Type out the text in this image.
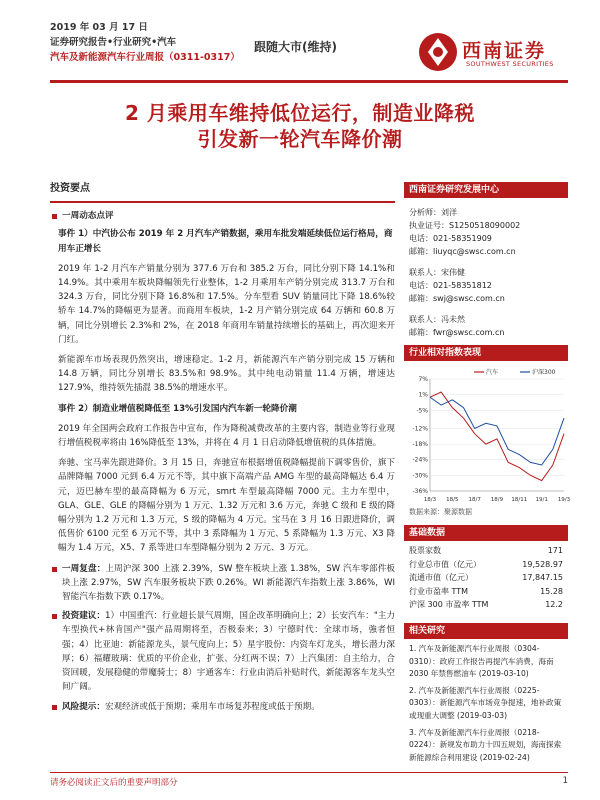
2019 年 03 月 17 日
证券研究报告•行业研究•汽车
汽车及新能源汽车行业周报（0311-0317）
跟随大市(维持)	西南证券
SOUTHWEST SECURITIES
2 月乘用车维持低位运行，制造业降税
引发新一轮汽车降价潮
投资要点
一周动态点评
事件 1）中汽协公布 2019 年 2 月汽车产销数据，乘用车批发端延续低位运行格局，商用车正增长
2019 年 1-2 月汽车产销量分别为 377.6 万台和 385.2 万台，同比分别下降 14.1%和 14.9%。其中乘用车板块降幅领先行业整体，1-2 月乘用车产销分别完成 313.7 万台和 324.3 万台，同比分别下降 16.8%和 17.5%。分车型看 SUV 销量同比下降 18.6%较轿车 14.7%的降幅更为显著。而商用车板块，1-2 月产销分别完成 64 万辆和 60.8 万辆，同比分别增长 2.3%和 2%，在 2018 年商用车销量持续增长的基础上，再次迎来开门红。
新能源车市场表现仍然突出，增速稳定。1-2 月，新能源汽车产销分别完成 15 万辆和 14.8 万辆，同比分别增长 83.5%和 98.9%。其中纯电动销量 11.4 万辆，增速达 127.9%，维持领先插混 38.5%的增速水平。
事件 2）制造业增值税降低至 13%引发国内汽车新一轮降价潮
2019 年全国两会政府工作报告中宣布，作为降税减费改革的主要内容，制造业等行业现行增值税税率将由 16%降低至 13%，并将在 4 月 1 日启动降低增值税的具体措施。
奔驰、宝马率先跟进降价。3 月 15 日，奔驰宣布根据增值税降幅提前下调零售价，旗下品牌降幅 7000 元到 6.4 万元不等，其中旗下高端产品 AMG 车型的最高降幅达 6.4 万元，迈巴赫车型的最高降幅为 6 万元，smrt 车型最高降幅 7000 元。主力车型中，GLA、GLE、GLE 的降幅分别为 1 万元、1.32 万元和 3.6 万元，奔驰 C 级和 E 级的降幅分别为 1.2 万元和 1.3 万元，S 级的降幅为 4 万元。宝马在 3 月 16 日跟进降价，调低售价 6100 元至 6 万元不等，其中 3 系降幅为 1 万元、5 系降幅为 1.3 万元、X3 降幅为 1.4 万元，X5、7 系等进口车型降幅分别为 2 万元、3 万元。
一周复盘：上周沪深 300 上涨 2.39%，SW 整车板块上涨 1.38%，SW 汽车零部件板块上涨 2.97%，SW 汽车服务板块下跌 0.26%。WI 新能源汽车指数上涨 3.86%，WI 智能汽车指数下跌 0.17%。
投资建议：1）中国重汽：行业超长景气周期，国企改革明确向上；2）长安汽车："主力车型换代+林肯国产"强产品周期将至，否极泰来；3）宁德时代：全球市场，強者恒强；4）比亚迪：新能源龙头，景气度向上；5）星宇股份：内资车灯龙头，增长潜力深厚；6）福耀玻璃：优质的平价企业，扩张、分红两不误；7）上汽集团：自主给力，合资回暖，发展稳健的带魔骑士；8）宇通客车：行业由消后补贴时代，新能源客车龙头空间广阔。
风险提示：宏观经济或低于预期；乘用车市场复苏程度或低于预期。
西南证券研究发展中心
分析师：刘洋
执业证号：S1250518090002
电话：021-58351909
邮箱：liuyqc@swsc.com.cn
联系人：宋伟健
电话：021-58351812
邮箱：swj@swsc.com.cn
联系人：冯未然
邮箱：fwr@swsc.com.cn
行业相对指数表现
7%
1%
-5%
-12%
-18%
-24%
-30%
-36%
18/3 18/5 18/7 18/9 18/11 19/1 19/3
汽车	沪深300
数据来源：聚源数据
基础数据
股票家数	171
行业总市值（亿元）	19,528.97
流通市值（亿元）	17,847.15
行业市盈率 TTM	15.28
沪深 300 市盈率 TTM	12.2
相关研究
1. 汽车及新能源汽车行业周报（0304-0310）：政府工作报告再提汽车消费，海南 2030 年禁售燃油车 (2019-03-10)
2. 汽车及新能源汽车行业周报（0225-0303）：新能源汽车市场竞争提速，地补政策或现重大调整 (2019-03-03)
3. 汽车及新能源汽车行业周报（0218-0224）：新规发布助力十四五规划，海南探索新能源综合利用建设 (2019-02-24)
请务必阅读正文后的重要声明部分	1
